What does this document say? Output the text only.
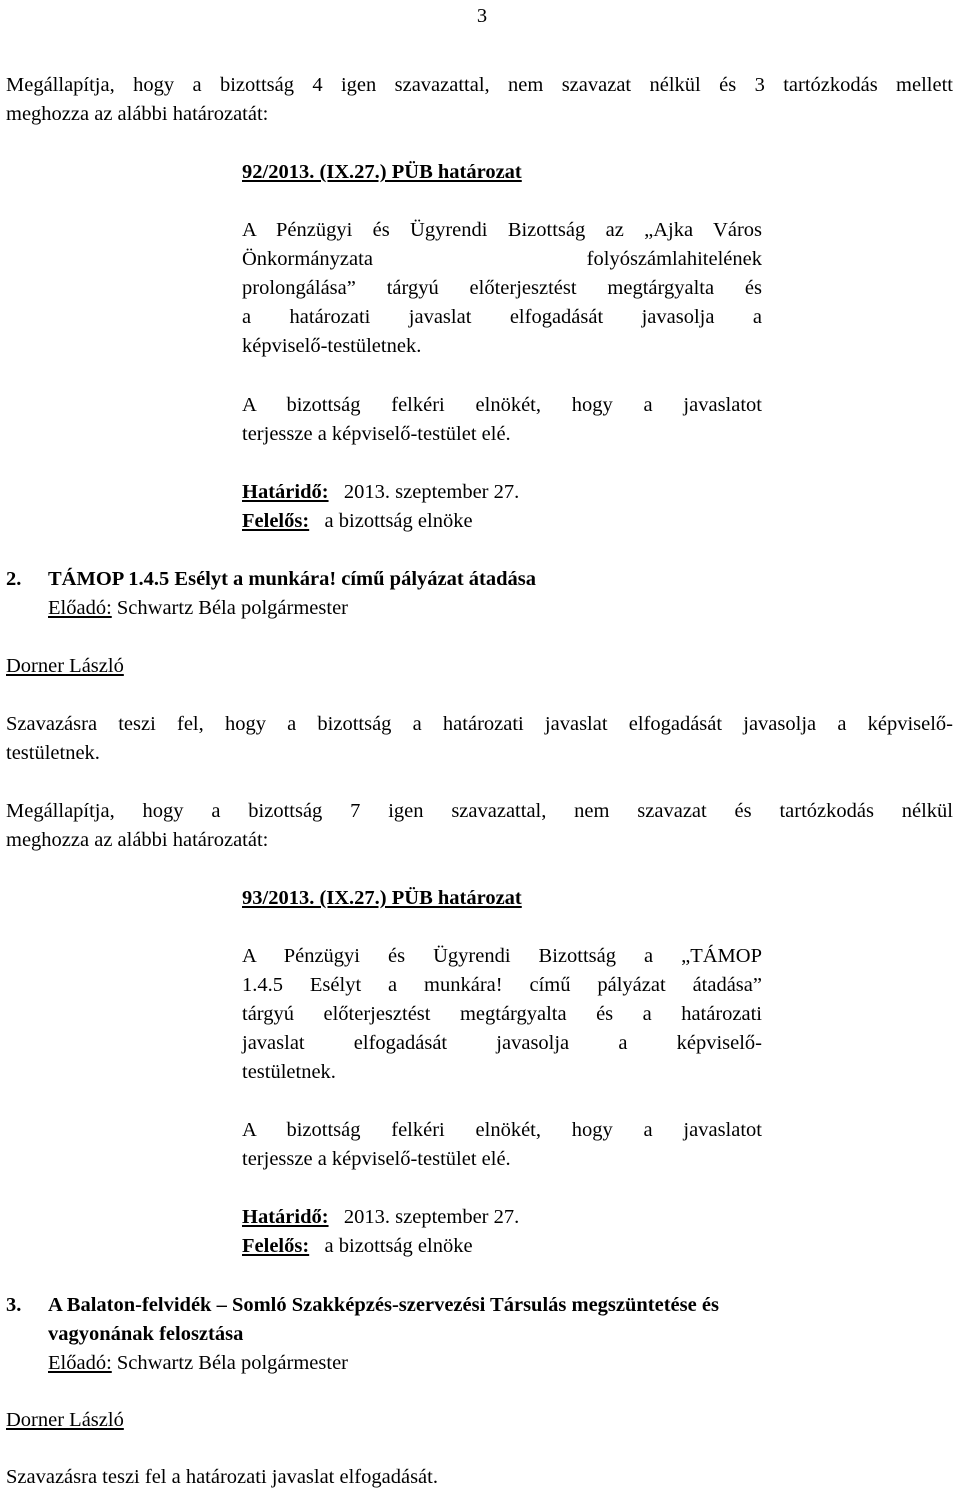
3

Megállapítja, hogy a bizottság 4 igen szavazattal, nem szavazat nélkül és 3 tartózkodás mellett

meghozza az alábbi határozatát:

92/2013. (IX.27.) PÜB határozat

A Pénzügyi és Ügyrendi Bizottság az „Ajka Város

Önkormányzata folyószámlahitelének

prolongálása” tárgyú előterjesztést megtárgyalta és

a határozati javaslat elfogadását javasolja a

képviselő-testületnek.

A bizottság felkéri elnökét, hogy a javaslatot

terjessze a képviselő-testület elé.

Határidő: 2013. szeptember 27.

Felelős: a bizottság elnöke

2. TÁMOP 1.4.5 Esélyt a munkára! című pályázat átadása

Előadó: Schwartz Béla polgármester

Dorner László

Szavazásra teszi fel, hogy a bizottság a határozati javaslat elfogadását javasolja a képviselő-

testületnek.

Megállapítja, hogy a bizottság 7 igen szavazattal, nem szavazat és tartózkodás nélkül

meghozza az alábbi határozatát:

93/2013. (IX.27.) PÜB határozat

A Pénzügyi és Ügyrendi Bizottság a „TÁMOP

1.4.5 Esélyt a munkára! című pályázat átadása”

tárgyú előterjesztést megtárgyalta és a határozati

javaslat elfogadását javasolja a képviselő-

testületnek.

A bizottság felkéri elnökét, hogy a javaslatot

terjessze a képviselő-testület elé.

Határidő: 2013. szeptember 27.

Felelős: a bizottság elnöke

3. A Balaton-felvidék – Somló Szakképzés-szervezési Társulás megszüntetése és

vagyonának felosztása

Előadó: Schwartz Béla polgármester

Dorner László
Szavazásra teszi fel a határozati javaslat elfogadását.
